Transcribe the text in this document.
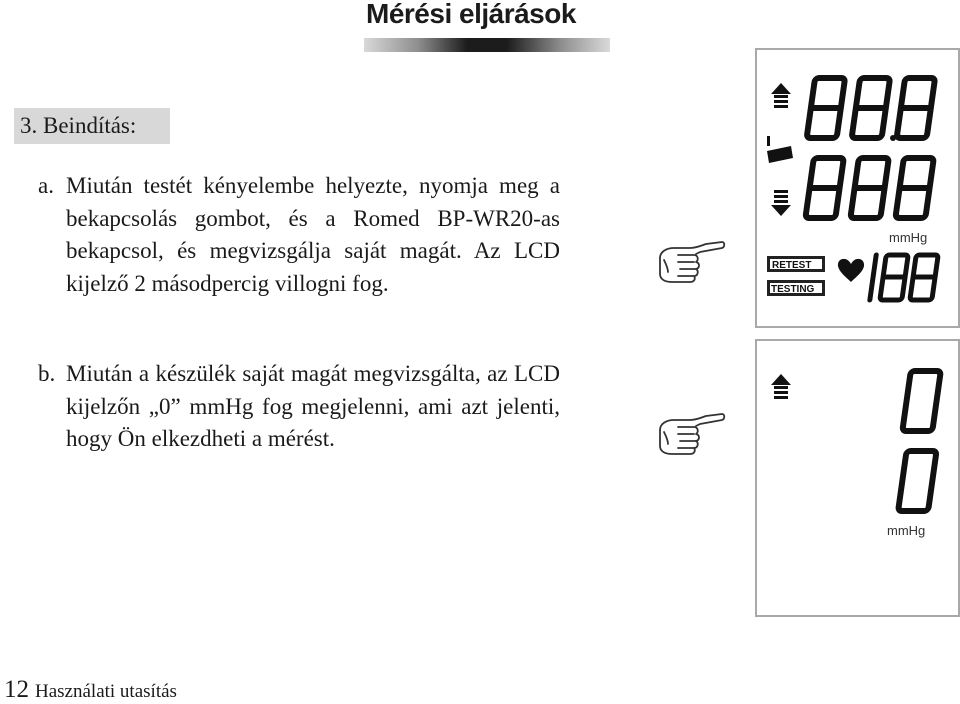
Mérési eljárások
3. Beindítás:
a. Miután testét kényelembe helyezte, nyomja meg a bekapcsolás gombot, és a Romed BP-WR20-as bekapcsol, és megvizsgálja saját magát. Az LCD kijelző 2 másodpercig villogni fog.
b. Miután a készülék saját magát megvizsgálta, az LCD kijelzőn „0” mmHg fog megjelenni, ami azt jelenti, hogy Ön elkezdheti a mérést.
mmHg
RETEST
TESTING
mmHg
12 Használati utasítás
